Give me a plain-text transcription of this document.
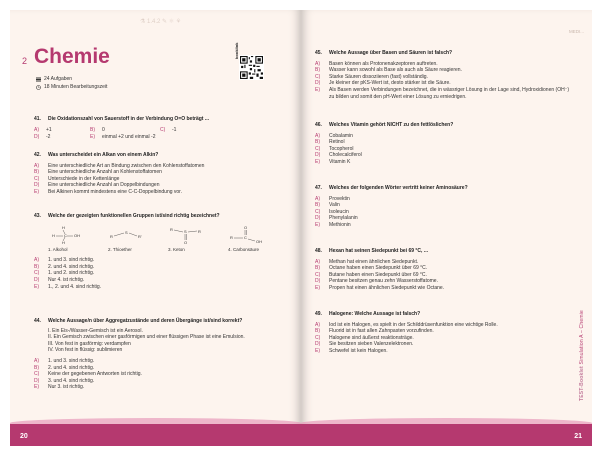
⚗ 1.4.2 ✎ ⚛ ⚘
2 Chemie
24 Aufgaben
18 Minuten Bearbeitungszeit
booklink
41. Die Oxidationszahl von Sauerstoff in der Verbindung O=O beträgt ...
A) +1	B) 0	C) -1
D) -2	E) einmal +2 und einmal -2
42. Was unterscheidet ein Alkan von einem Alkin?
A)	Eine unterschiedliche Art an Bindung zwischen den Kohlenstoffatomen
B)	Eine unterschiedliche Anzahl an Kohlenstoffatomen
C)	Unterschiede in der Kettenlänge
D)	Eine unterschiedliche Anzahl an Doppelbindungen
E)	Bei Alkinen kommt mindestens eine C-C-Doppelbindung vor.
43. Welche der gezeigten funktionellen Gruppen ist/sind richtig bezeichnet?
H
H C OH
H
1. Alkohol
R
S
R'
2. Thioether
R	S
O
R
3. Keton
O
R	C
OH
4. Carbonsäure
A)	1. und 3. sind richtig.
B)	2. und 4. sind richtig.
C)	1. und 2. sind richtig.
D)	Nur 4. ist richtig.
E)	1., 2. und 4. sind richtig.
44. Welche Aussage/n über Aggregatzustände und deren Übergänge ist/sind korrekt?
I. Ein Eis-/Wasser-Gemisch ist ein Aerosol.
II. Ein Gemisch zwischen einer gasförmigen und einer flüssigen Phase ist eine Emulsion.
III. Von fest in gasförmig: verdampfen
IV. Von fest in flüssig: sublimieren
A)	1. und 3. sind richtig.
B)	2. und 4. sind richtig.
C)	Keine der gegebenen Antworten ist richtig.
D)	3. und 4. sind richtig.
E)	Nur 3. ist richtig.
20
MEDI...
45. Welche Aussage über Basen und Säuren ist falsch?
A)	Basen können als Protonenakzeptoren auftreten.
B)	Wasser kann sowohl als Base als auch als Säure reagieren.
C)	Starke Säuren dissoziieren (fast) vollständig.
D)	Je kleiner der pKS-Wert ist, desto stärker ist die Säure.
E)	Als Basen werden Verbindungen bezeichnet, die in wässriger Lösung in der Lage sind, Hydroxidionen (OH⁻) zu bilden und somit den pH-Wert einer Lösung zu erniedrigen.
46. Welches Vitamin gehört NICHT zu den fettlöslichen?
A)	Cobalamin
B)	Retinol
C)	Tocopherol
D)	Cholecalciferol
E)	Vitamin K
47. Welches der folgenden Wörter vertritt keiner Aminosäure?
A)	Provektin
B)	Valin
C)	Isoleucin
D)	Phenylalanin
E)	Methionin
48. Hexan hat seinen Siedepunkt bei 69 °C, ...
A)	Methan hat einen ähnlichen Siedepunkt.
B)	Octane haben einen Siedepunkt über 69 °C.
C)	Butane haben einen Siedepunkt über 69 °C.
D)	Pentane besitzen genau zehn Wasserstoffatome.
E)	Propen hat einen ähnlichen Siedepunkt wie Octane.
49. Halogene: Welche Aussage ist falsch?
A)	Iod ist ein Halogen, es spielt in der Schilddrüsenfunktion eine wichtige Rolle.
B)	Fluorid ist in fast allen Zahnpasten vorzufinden.
C)	Halogene sind äußerst reaktionsträge.
D)	Sie besitzen sieben Valenzelektronen.
E)	Schwefel ist kein Halogen.
TEST-Booklet Simulation A – Chemie
21
